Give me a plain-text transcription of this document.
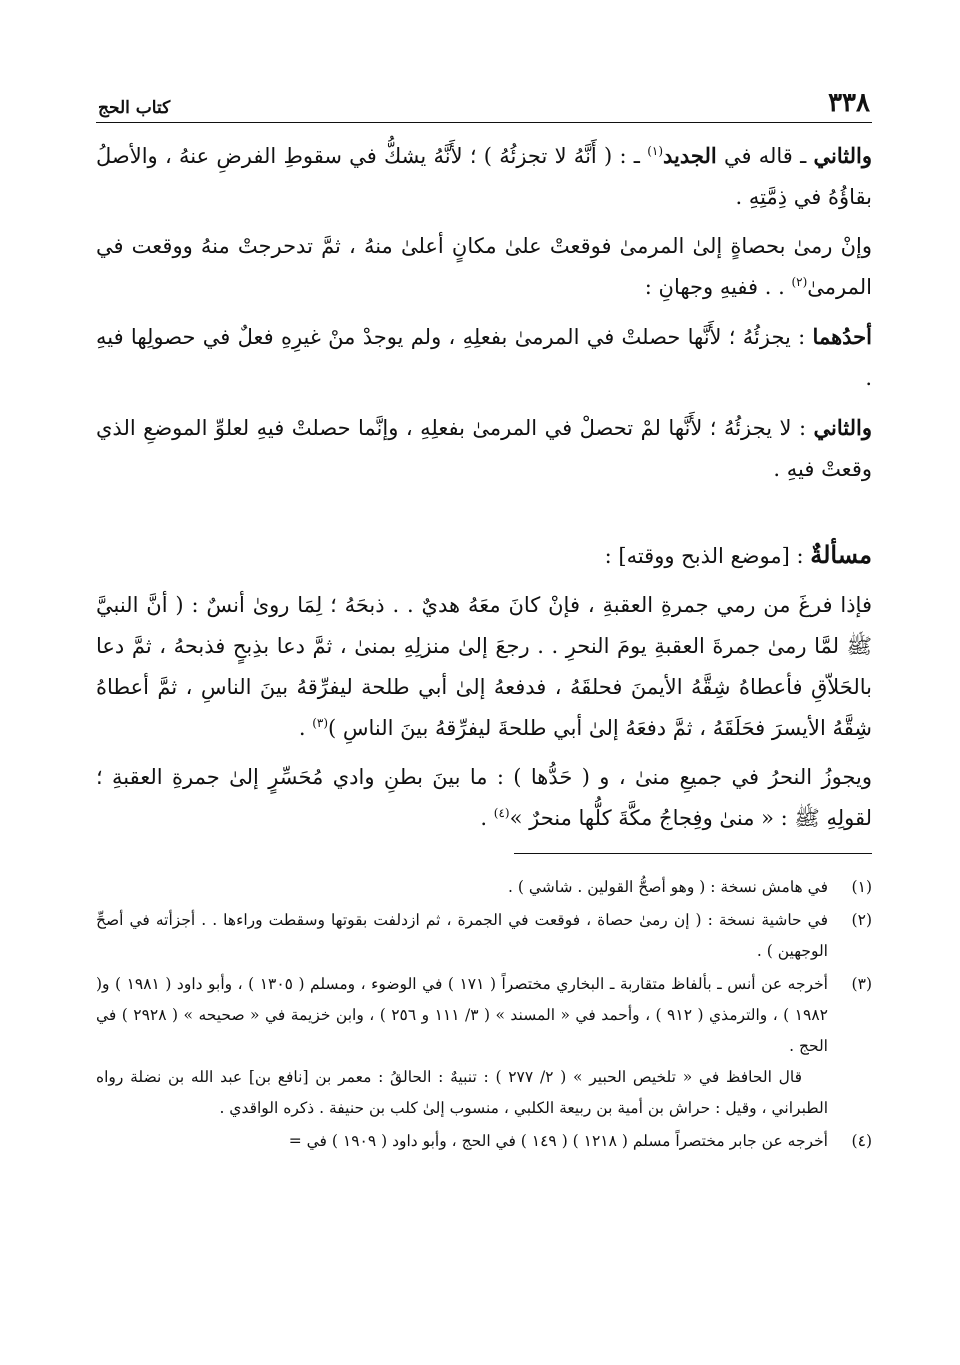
٣٣٨
كتاب الحج

والثاني ـ قاله في الجديد$^{(١)}$ ـ : ( أَنَّهُ لا تجزئُهُ ) ؛ لأَنَّهُ يشكُّ في سقوطِ الفرضِ عنهُ ، والأصلُ بقاؤُهُ في ذِمَّتِهِ .

وإنْ رمىٰ بحصاةٍ إلىٰ المرمىٰ فوقعتْ علىٰ مكانٍ أعلىٰ منهُ ، ثمَّ تدحرجتْ منهُ ووقعت في المرمىٰ$^{(٢)}$ . . ففيهِ وجهانِ :

أحدُهما : يجزئُهُ ؛ لأَنَّها حصلتْ في المرمىٰ بفعلِهِ ، ولم يوجدْ منْ غيرِهِ فعلٌ في حصولِها فيهِ .

والثاني : لا يجزئُهُ ؛ لأَنَّها لمْ تحصلْ في المرمىٰ بفعلِهِ ، وإنَّما حصلتْ فيهِ لعلوِّ الموضعِ الذي وقعتْ فيهِ .

مسألةٌ : [موضع الذبح ووقته] :

فإذا فرغَ من رمي جمرةِ العقبةِ ، فإنْ كانَ معَهُ هديٌ . . ذبحَهُ ؛ لِمَا روىٰ أنسٌ : ( أنَّ النبيَّ ﷺ لمَّا رمىٰ جمرةَ العقبةِ يومَ النحرِ . . رجعَ إلىٰ منزلِهِ بمنىٰ ، ثمَّ دعا بذِبحٍ فذبحهُ ، ثمَّ دعا بالحَلاّقِ فأعطاهُ شِقَّهُ الأيمنَ فحلقَهُ ، فدفعهُ إلىٰ أبي طلحة ليفرِّقهُ بينَ الناسِ ، ثمَّ أعطاهُ شِقَّهُ الأيسرَ فحَلَقَهُ ، ثمَّ دفعَهُ إلىٰ أبي طلحةَ ليفرِّقهُ بينَ الناسِ )$^{(٣)}$ .

ويجوزُ النحرُ في جميعِ منىٰ ، و ( حَدُّها ) : ما بينَ بطنِ وادي مُحَسِّرٍ إلىٰ جمرةِ العقبةِ ؛ لقولِهِ ﷺ : « منىٰ وفِجاجُ مكَّةَ كلُّها منحرٌ »$^{(٤)}$ .

(١)

في هامش نسخة : ( وهو أصحُّ القولين . شاشي ) .

(٢)

في حاشية نسخة : ( إن رمىٰ حصاة ، فوقعت في الجمرة ، ثم ازدلفت بقوتها وسقطت وراءها . . أجزأته في أصحِّ الوجهين ) .

(٣)

أخرجه عن أنس ـ بألفاظ متقاربة ـ البخاري مختصراً ( ١٧١ ) في الوضوء ، ومسلم ( ١٣٠٥ ) ، وأبو داود ( ١٩٨١ ) و( ١٩٨٢ ) ، والترمذي ( ٩١٢ ) ، وأحمد في « المسند » ( ٣/ ١١١ و ٢٥٦ ) ، وابن خزيمة في « صحيحه » ( ٢٩٢٨ ) في الحج .

قال الحافظ في « تلخيص الحبير » ( ٢/ ٢٧٧ ) : تنبيهٌ : الحالقُ : معمر بن [نافع بن] عبد الله بن نضلة رواه الطبراني ، وقيل : حراش بن أمية بن ربيعة الكلبي ، منسوب إلىٰ كلب بن حنيفة . ذكره الواقدي .

(٤)

أخرجه عن جابر مختصراً مسلم ( ١٢١٨ ) ( ١٤٩ ) في الحج ، وأبو داود ( ١٩٠٩ ) في =
